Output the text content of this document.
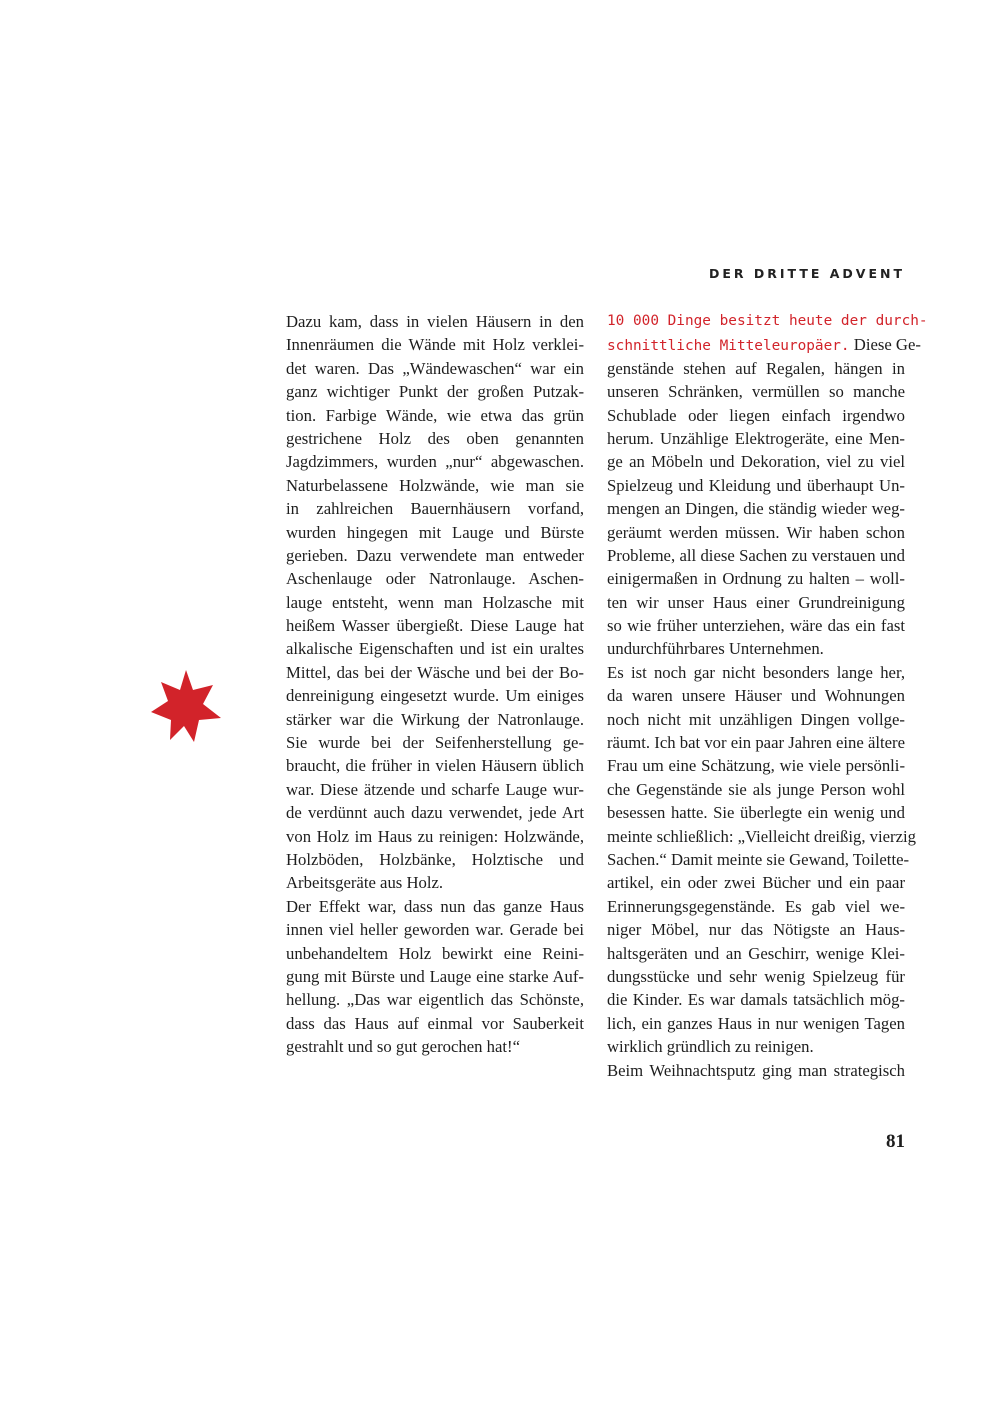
DER DRITTE ADVENT
Dazu kam, dass in vielen Häusern in den
Innenräumen die Wände mit Holz verklei-
det waren. Das „Wändewaschen“ war ein
ganz wichtiger Punkt der großen Putzak-
tion. Farbige Wände, wie etwa das grün
gestrichene Holz des oben genannten
Jagdzimmers, wurden „nur“ abgewaschen.
Naturbelassene Holzwände, wie man sie
in zahlreichen Bauernhäusern vorfand,
wurden hingegen mit Lauge und Bürste
gerieben. Dazu verwendete man entweder
Aschenlauge oder Natronlauge. Aschen-
lauge entsteht, wenn man Holzasche mit
heißem Wasser übergießt. Diese Lauge hat
alkalische Eigenschaften und ist ein uraltes
Mittel, das bei der Wäsche und bei der Bo-
denreinigung eingesetzt wurde. Um einiges
stärker war die Wirkung der Natronlauge.
Sie wurde bei der Seifenherstellung ge-
braucht, die früher in vielen Häusern üblich
war. Diese ätzende und scharfe Lauge wur-
de verdünnt auch dazu verwendet, jede Art
von Holz im Haus zu reinigen: Holzwände,
Holzböden, Holzbänke, Holztische und
Arbeitsgeräte aus Holz.
Der Effekt war, dass nun das ganze Haus
innen viel heller geworden war. Gerade bei
unbehandeltem Holz bewirkt eine Reini-
gung mit Bürste und Lauge eine starke Auf-
hellung. „Das war eigentlich das Schönste,
dass das Haus auf einmal vor Sauberkeit
gestrahlt und so gut gerochen hat!“
10 000 Dinge besitzt heute der durch-
schnittliche Mitteleuropäer. Diese Ge-
genstände stehen auf Regalen, hängen in
unseren Schränken, vermüllen so manche
Schublade oder liegen einfach irgendwo
herum. Unzählige Elektrogeräte, eine Men-
ge an Möbeln und Dekoration, viel zu viel
Spielzeug und Kleidung und überhaupt Un-
mengen an Dingen, die ständig wieder weg-
geräumt werden müssen. Wir haben schon
Probleme, all diese Sachen zu verstauen und
einigermaßen in Ordnung zu halten – woll-
ten wir unser Haus einer Grundreinigung
so wie früher unterziehen, wäre das ein fast
undurchführbares Unternehmen.
Es ist noch gar nicht besonders lange her,
da waren unsere Häuser und Wohnungen
noch nicht mit unzähligen Dingen vollge-
räumt. Ich bat vor ein paar Jahren eine ältere
Frau um eine Schätzung, wie viele persönli-
che Gegenstände sie als junge Person wohl
besessen hatte. Sie überlegte ein wenig und
meinte schließlich: „Vielleicht dreißig, vierzig
Sachen.“ Damit meinte sie Gewand, Toilette-
artikel, ein oder zwei Bücher und ein paar
Erinnerungsgegenstände. Es gab viel we-
niger Möbel, nur das Nötigste an Haus-
haltsgeräten und an Geschirr, wenige Klei-
dungsstücke und sehr wenig Spielzeug für
die Kinder. Es war damals tatsächlich mög-
lich, ein ganzes Haus in nur wenigen Tagen
wirklich gründlich zu reinigen.
Beim Weihnachtsputz ging man strategisch
81
